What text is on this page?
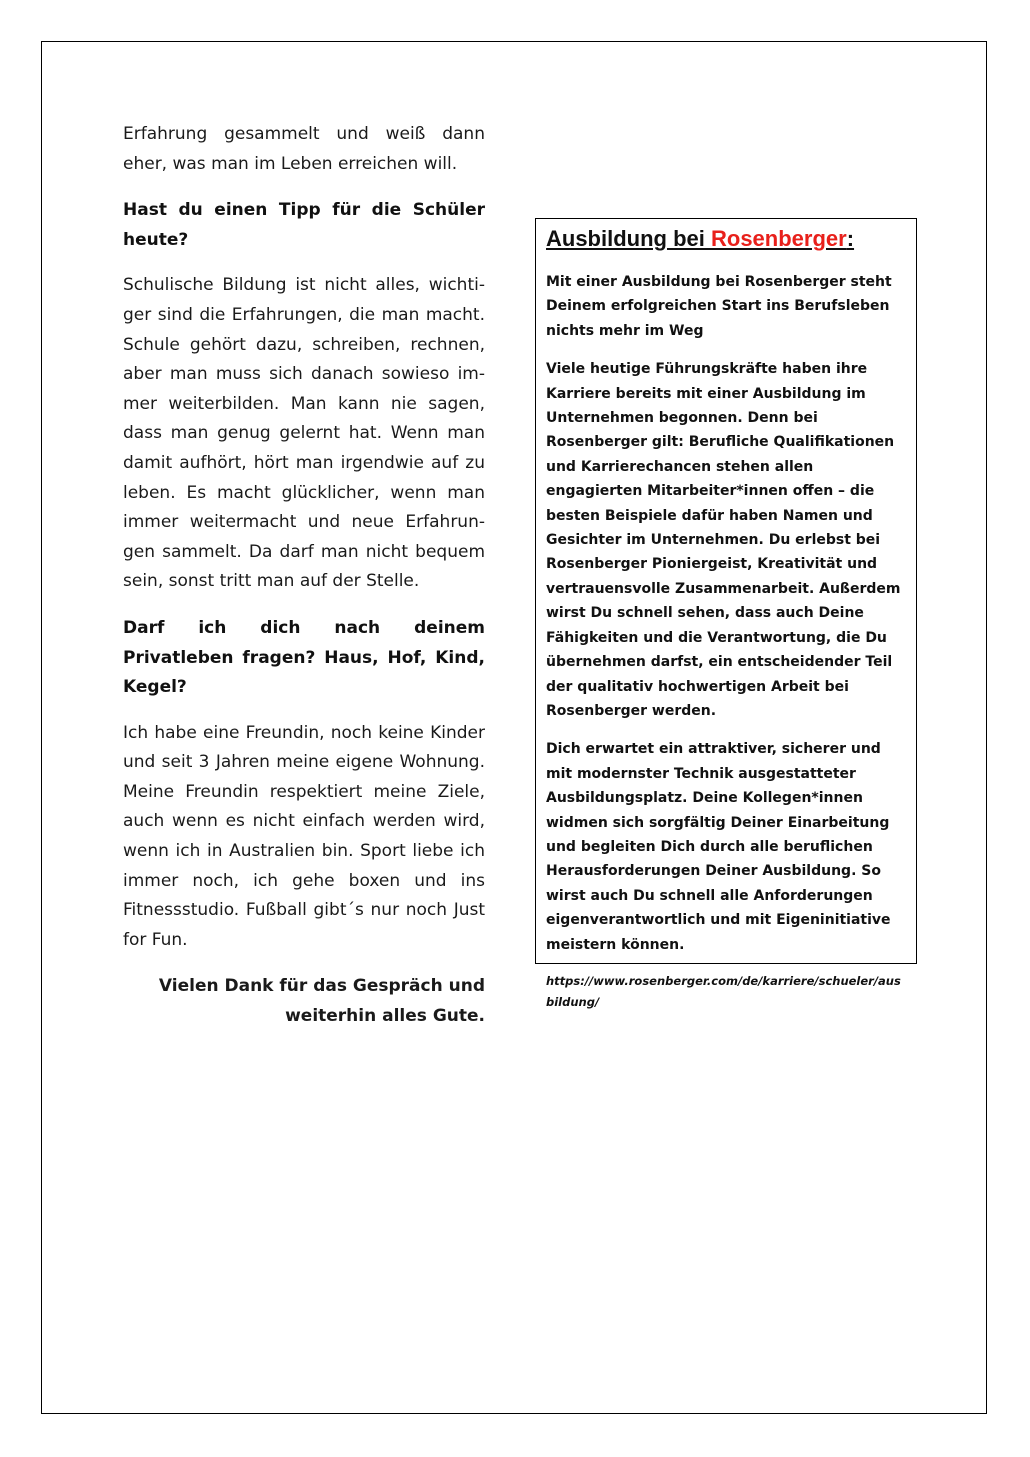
Erfahrung gesammelt und weiß dann eher, was man im Leben erreichen will.

Hast du einen Tipp für die Schüler heute?

Schulische Bildung ist nicht alles, wichtiger sind die Erfahrungen, die man macht. Schule gehört dazu, schreiben, rechnen, aber man muss sich danach sowieso immer weiterbilden. Man kann nie sagen, dass man genug gelernt hat. Wenn man damit aufhört, hört man irgendwie auf zu leben. Es macht glücklicher, wenn man immer weitermacht und neue Erfahrungen sammelt. Da darf man nicht bequem sein, sonst tritt man auf der Stelle.

Darf ich dich nach deinem Privatleben fragen? Haus, Hof, Kind, Kegel?

Ich habe eine Freundin, noch keine Kinder und seit 3 Jahren meine eigene Wohnung. Meine Freundin respektiert meine Ziele, auch wenn es nicht einfach werden wird, wenn ich in Australien bin. Sport liebe ich immer noch, ich gehe boxen und ins Fitnessstudio. Fußball gibt´s nur noch Just for Fun.

Vielen Dank für das Gespräch und weiterhin alles Gute.

Ausbildung bei Rosenberger:

Mit einer Ausbildung bei Rosenberger steht Deinem erfolgreichen Start ins Berufsleben nichts mehr im Weg

Viele heutige Führungskräfte haben ihre Karriere bereits mit einer Ausbildung im Unternehmen begonnen. Denn bei Rosenberger gilt: Berufliche Qualifikationen und Karrierechancen stehen allen engagierten Mitarbeiter*innen offen – die besten Beispiele dafür haben Namen und Gesichter im Unternehmen. Du erlebst bei Rosenberger Pioniergeist, Kreativität und vertrauensvolle Zusammenarbeit. Außerdem wirst Du schnell sehen, dass auch Deine Fähigkeiten und die Verantwortung, die Du übernehmen darfst, ein entscheidender Teil der qualitativ hochwertigen Arbeit bei Rosenberger werden.

Dich erwartet ein attraktiver, sicherer und mit modernster Technik ausgestatteter Ausbildungsplatz. Deine Kollegen*innen widmen sich sorgfältig Deiner Einarbeitung und begleiten Dich durch alle beruflichen Herausforderungen Deiner Ausbildung. So wirst auch Du schnell alle Anforderungen eigenverantwortlich und mit Eigeninitiative meistern können.

https://www.rosenberger.com/de/karriere/schueler/ausbildung/
